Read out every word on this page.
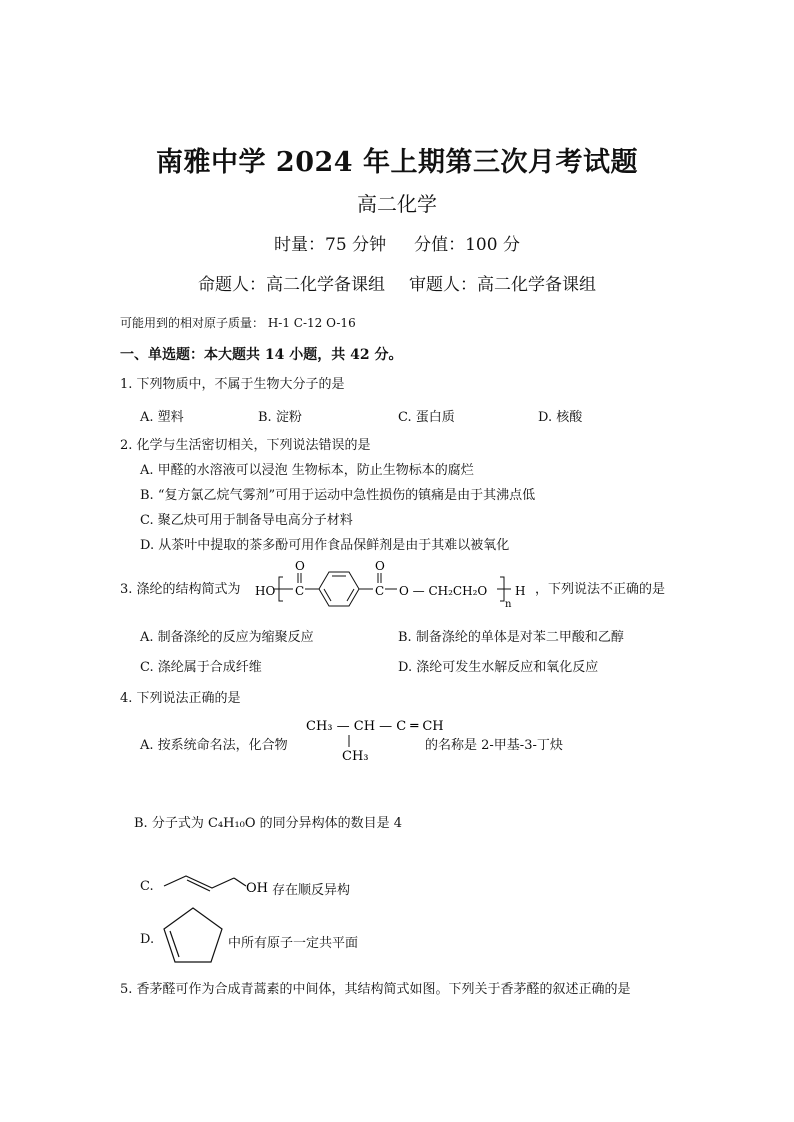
南雅中学 2024 年上期第三次月考试题
高二化学
时量：75 分钟 分值：100 分
命题人：高二化学备课组 审题人：高二化学备课组
可能用到的相对原子质量： H-1 C-12 O-16
一、单选题：本大题共 14 小题，共 42 分。
1. 下列物质中，不属于生物大分子的是
A. 塑料	B. 淀粉	C. 蛋白质	D. 核酸
2. 化学与生活密切相关，下列说法错误的是
A. 甲醛的水溶液可以浸泡 生物标本，防止生物标本的腐烂
B. “复方氯乙烷气雾剂”可用于运动中急性损伤的镇痛是由于其沸点低
C. 聚乙炔可用于制备导电高分子材料
D. 从茶叶中提取的茶多酚可用作食品保鲜剂是由于其难以被氧化
3. 涤纶的结构简式为 HO C
O
C
O
O — CH₂CH₂O
n
H ，下列说法不正确的是
A. 制备涤纶的反应为缩聚反应	B. 制备涤纶的单体是对苯二甲酸和乙醇
C. 涤纶属于合成纤维	D. 涤纶可发生水解反应和氧化反应
4. 下列说法正确的是
A. 按系统命名法，化合物
CH₃ — CH — C ═ CH
CH₃
的名称是 2-甲基-3-丁炔
B. 分子式为 C₄H₁₀O 的同分异构体的数目是 4
C.	OH 存在顺反异构
D.	中所有原子一定共平面
5. 香茅醛可作为合成青蒿素的中间体，其结构简式如图。下列关于香茅醛的叙述正确的是
